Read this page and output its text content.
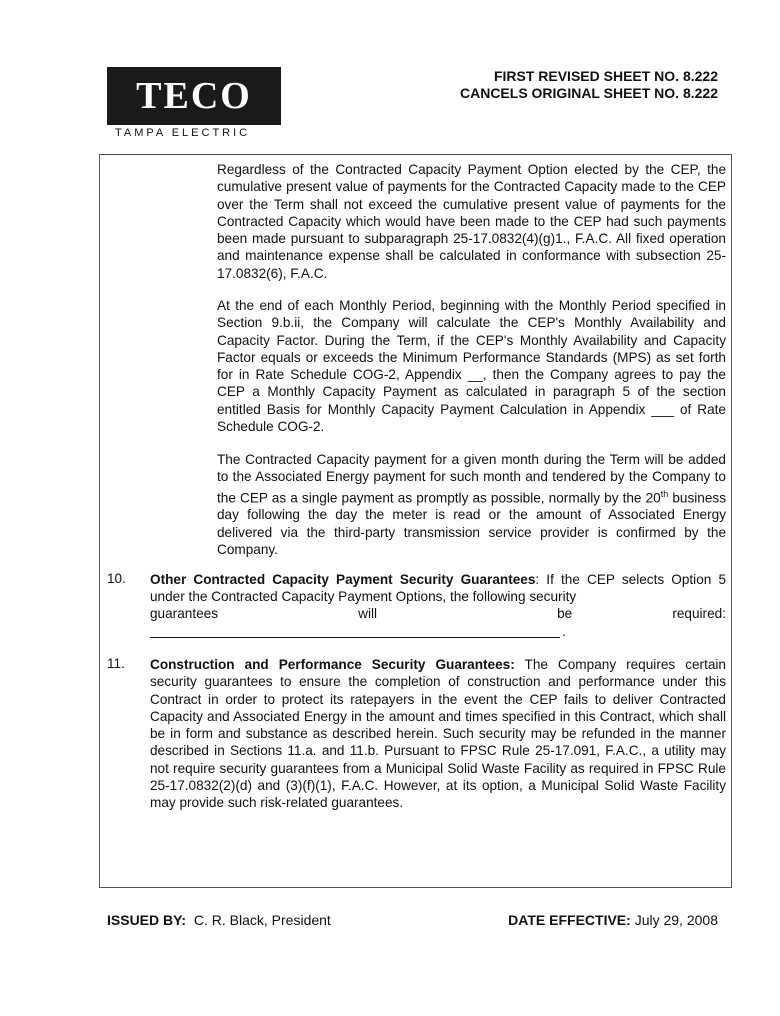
TECO
TAMPA ELECTRIC
FIRST REVISED SHEET NO. 8.222
CANCELS ORIGINAL SHEET NO. 8.222

Regardless of the Contracted Capacity Payment Option elected by the CEP, the cumulative present value of payments for the Contracted Capacity made to the CEP over the Term shall not exceed the cumulative present value of payments for the Contracted Capacity which would have been made to the CEP had such payments been made pursuant to subparagraph 25-17.0832(4)(g)1., F.A.C. All fixed operation and maintenance expense shall be calculated in conformance with subsection 25-17.0832(6), F.A.C.

At the end of each Monthly Period, beginning with the Monthly Period specified in Section 9.b.ii, the Company will calculate the CEP's Monthly Availability and Capacity Factor. During the Term, if the CEP's Monthly Availability and Capacity Factor equals or exceeds the Minimum Performance Standards (MPS) as set forth for in Rate Schedule COG-2, Appendix __, then the Company agrees to pay the CEP a Monthly Capacity Payment as calculated in paragraph 5 of the section entitled Basis for Monthly Capacity Payment Calculation in Appendix ___ of Rate Schedule COG-2.

The Contracted Capacity payment for a given month during the Term will be added to the Associated Energy payment for such month and tendered by the Company to the CEP as a single payment as promptly as possible, normally by the 20th business day following the day the meter is read or the amount of Associated Energy delivered via the third-party transmission service provider is confirmed by the Company.

10. Other Contracted Capacity Payment Security Guarantees: If the CEP selects Option 5 under the Contracted Capacity Payment Options, the following security

guarantees	will	be	required:
.
11. Construction and Performance Security Guarantees: The Company requires certain security guarantees to ensure the completion of construction and performance under this Contract in order to protect its ratepayers in the event the CEP fails to deliver Contracted Capacity and Associated Energy in the amount and times specified in this Contract, which shall be in form and substance as described herein. Such security may be refunded in the manner described in Sections 11.a. and 11.b. Pursuant to FPSC Rule 25-17.091, F.A.C., a utility may not require security guarantees from a Municipal Solid Waste Facility as required in FPSC Rule 25-17.0832(2)(d) and (3)(f)(1), F.A.C. However, at its option, a Municipal Solid Waste Facility may provide such risk-related guarantees.

ISSUED BY: C. R. Black, President	DATE EFFECTIVE: July 29, 2008
